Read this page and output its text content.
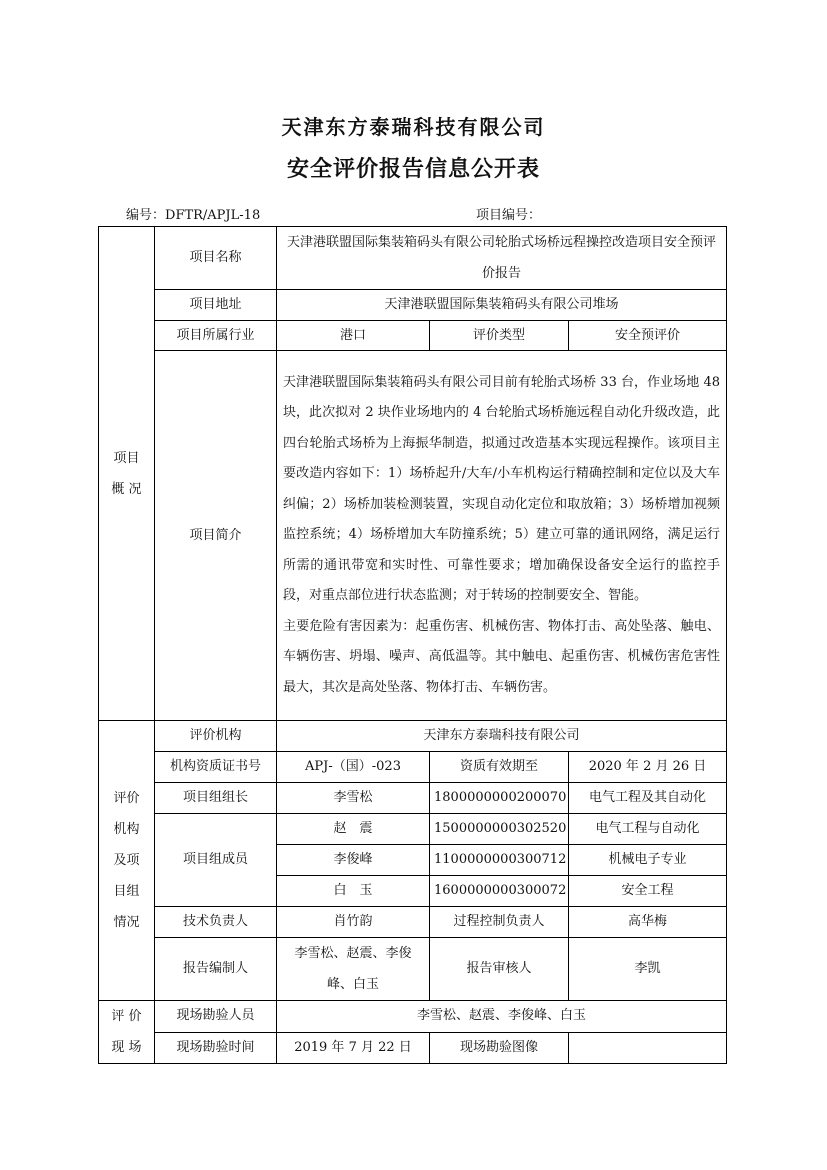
天津东方泰瑞科技有限公司
安全评价报告信息公开表
编号：DFTR/APJL-18	项目编号：
项目
概 况	项目名称	天津港联盟国际集装箱码头有限公司轮胎式场桥远程操控改造项目安全预评价报告		
	项目地址	天津港联盟国际集装箱码头有限公司堆场		
	项目所属行业	港口	评价类型	安全预评价
	项目简介	天津港联盟国际集装箱码头有限公司目前有轮胎式场桥 33 台，作业场地 48 块，此次拟对 2 块作业场地内的 4 台轮胎式场桥施远程自动化升级改造，此四台轮胎式场桥为上海振华制造，拟通过改造基本实现远程操作。该项目主要改造内容如下：1）场桥起升/大车/小车机构运行精确控制和定位以及大车纠偏；2）场桥加装检测装置，实现自动化定位和取放箱；3）场桥增加视频监控系统；4）场桥增加大车防撞系统；5）建立可靠的通讯网络，满足运行所需的通讯带宽和实时性、可靠性要求；增加确保设备安全运行的监控手段，对重点部位进行状态监测；对于转场的控制要安全、智能。

主要危险有害因素为：起重伤害、机械伤害、物体打击、高处坠落、触电、车辆伤害、坍塌、噪声、高低温等。其中触电、起重伤害、机械伤害危害性最大，其次是高处坠落、物体打击、车辆伤害。		

评价
机构
及项
目组
情况	评价机构	天津东方泰瑞科技有限公司		
	机构资质证书号	APJ-（国）-023	资质有效期至	2020 年 2 月 26 日
	项目组组长	李雪松	1800000000200070	电气工程及其自动化
	项目组成员	赵　震	1500000000302520	电气工程与自动化
		李俊峰	1100000000300712	机械电子专业
		白　玉	1600000000300072	安全工程
	技术负责人	肖竹韵	过程控制负责人	高华梅
	报告编制人	李雪松、赵震、李俊峰、白玉	报告审核人	李凯

评 价
现 场	现场勘验人员	李雪松、赵震、李俊峰、白玉		
	现场勘验时间	2019 年 7 月 22 日	现场勘验图像	
